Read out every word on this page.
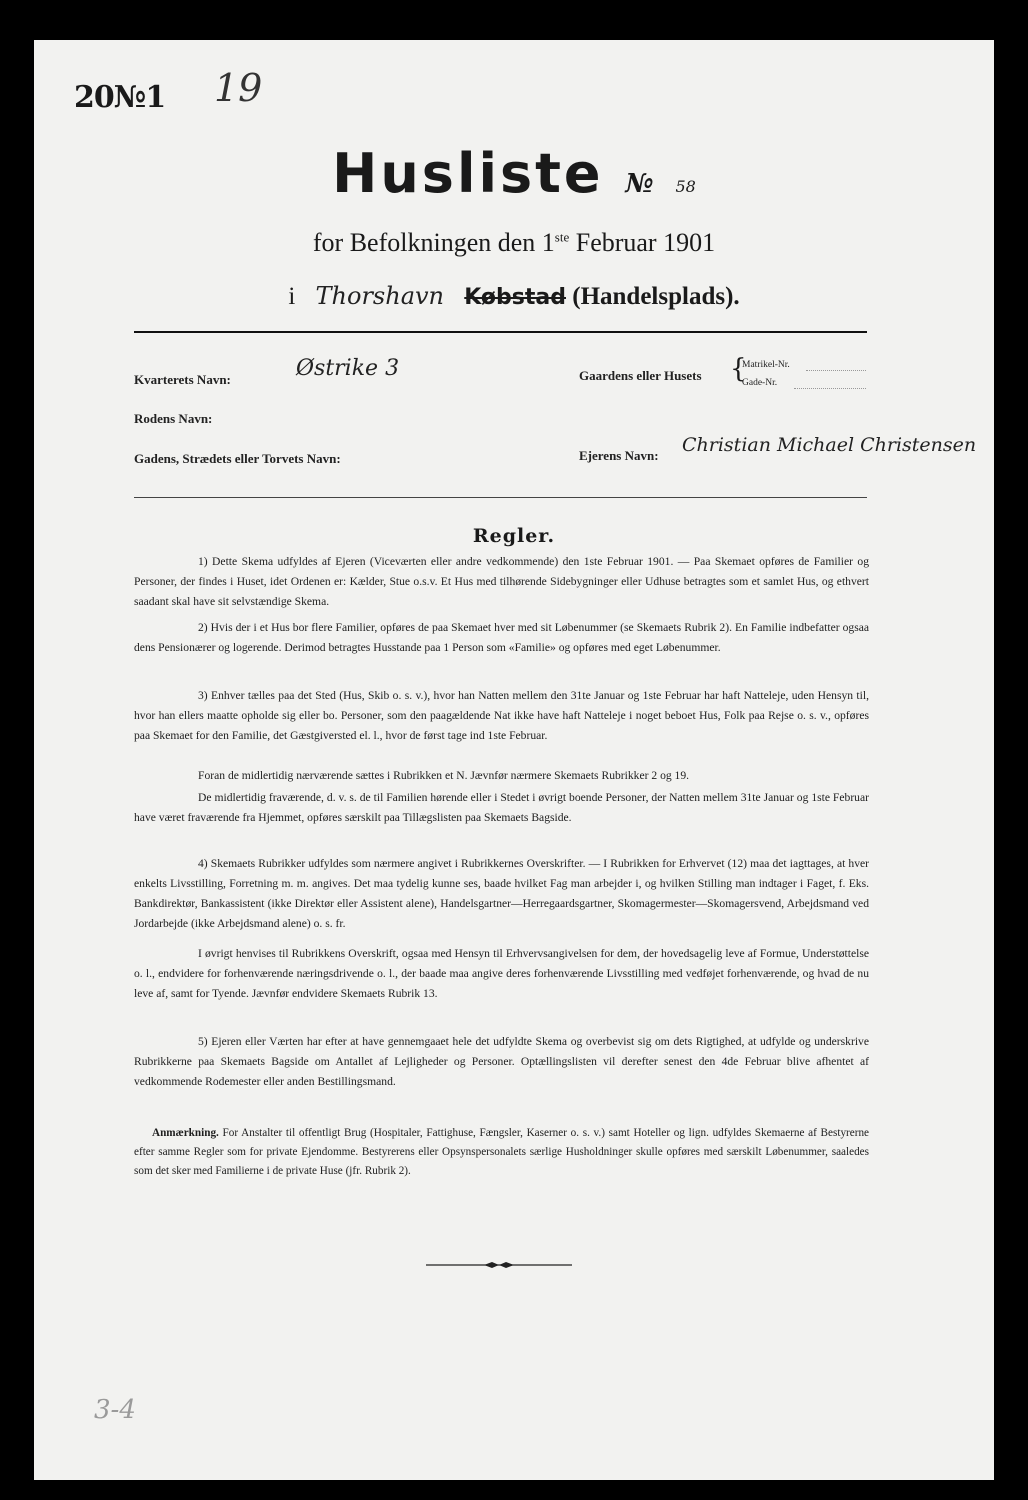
20№1 19
Husliste № 58
for Befolkningen den 1ste Februar 1901
i Thorshavn Købstad (Handelsplads).
Kvarterets Navn:	Østrike 3	Gaardens eller Husets {
Matrikel-Nr.
Gade-Nr.
Rodens Navn:
Gadens, Strædets eller Torvets Navn:	Ejerens Navn: Christian Michael Christensen
Regler.
1) Dette Skema udfyldes af Ejeren (Viceværten eller andre vedkommende) den 1ste Februar 1901. — Paa Skemaet opføres de Familier og Personer, der findes i Huset, idet Ordenen er: Kælder, Stue o.s.v. Et Hus med tilhørende Sidebygninger eller Udhuse betragtes som et samlet Hus, og ethvert saadant skal have sit selvstændige Skema.
2) Hvis der i et Hus bor flere Familier, opføres de paa Skemaet hver med sit Løbenummer (se Skemaets Rubrik 2). En Familie indbefatter ogsaa dens Pensionærer og logerende. Derimod betragtes Husstande paa 1 Person som «Familie» og opføres med eget Løbenummer.
3) Enhver tælles paa det Sted (Hus, Skib o. s. v.), hvor han Natten mellem den 31te Januar og 1ste Februar har haft Natteleje, uden Hensyn til, hvor han ellers maatte opholde sig eller bo. Personer, som den paagældende Nat ikke have haft Natteleje i noget beboet Hus, Folk paa Rejse o. s. v., opføres paa Skemaet for den Familie, det Gæstgiversted el. l., hvor de først tage ind 1ste Februar.
Foran de midlertidig nærværende sættes i Rubrikken et N. Jævnfør nærmere Skemaets Rubrikker 2 og 19.
De midlertidig fraværende, d. v. s. de til Familien hørende eller i Stedet i øvrigt boende Personer, der Natten mellem 31te Januar og 1ste Februar have været fraværende fra Hjemmet, opføres særskilt paa Tillægslisten paa Skemaets Bagside.
4) Skemaets Rubrikker udfyldes som nærmere angivet i Rubrikkernes Overskrifter. — I Rubrikken for Erhvervet (12) maa det iagttages, at hver enkelts Livsstilling, Forretning m. m. angives. Det maa tydelig kunne ses, baade hvilket Fag man arbejder i, og hvilken Stilling man indtager i Faget, f. Eks. Bankdirektør, Bankassistent (ikke Direktør eller Assistent alene), Handelsgartner—Herregaardsgartner, Skomagermester—Skomagersvend, Arbejdsmand ved Jordarbejde (ikke Arbejdsmand alene) o. s. fr.
I øvrigt henvises til Rubrikkens Overskrift, ogsaa med Hensyn til Erhvervsangivelsen for dem, der hovedsagelig leve af Formue, Understøttelse o. l., endvidere for forhenværende næringsdrivende o. l., der baade maa angive deres forhenværende Livsstilling med vedføjet forhenværende, og hvad de nu leve af, samt for Tyende. Jævnfør endvidere Skemaets Rubrik 13.
5) Ejeren eller Værten har efter at have gennemgaaet hele det udfyldte Skema og overbevist sig om dets Rigtighed, at udfylde og underskrive Rubrikkerne paa Skemaets Bagside om Antallet af Lejligheder og Personer. Optællingslisten vil derefter senest den 4de Februar blive afhentet af vedkommende Rodemester eller anden Bestillingsmand.
Anmærkning. For Anstalter til offentligt Brug (Hospitaler, Fattighuse, Fængsler, Kaserner o. s. v.) samt Hoteller og lign. udfyldes Skemaerne af Bestyrerne efter samme Regler som for private Ejendomme. Bestyrerens eller Opsynspersonalets særlige Husholdninger skulle opføres med særskilt Løbenummer, saaledes som det sker med Familierne i de private Huse (jfr. Rubrik 2).
3-4
